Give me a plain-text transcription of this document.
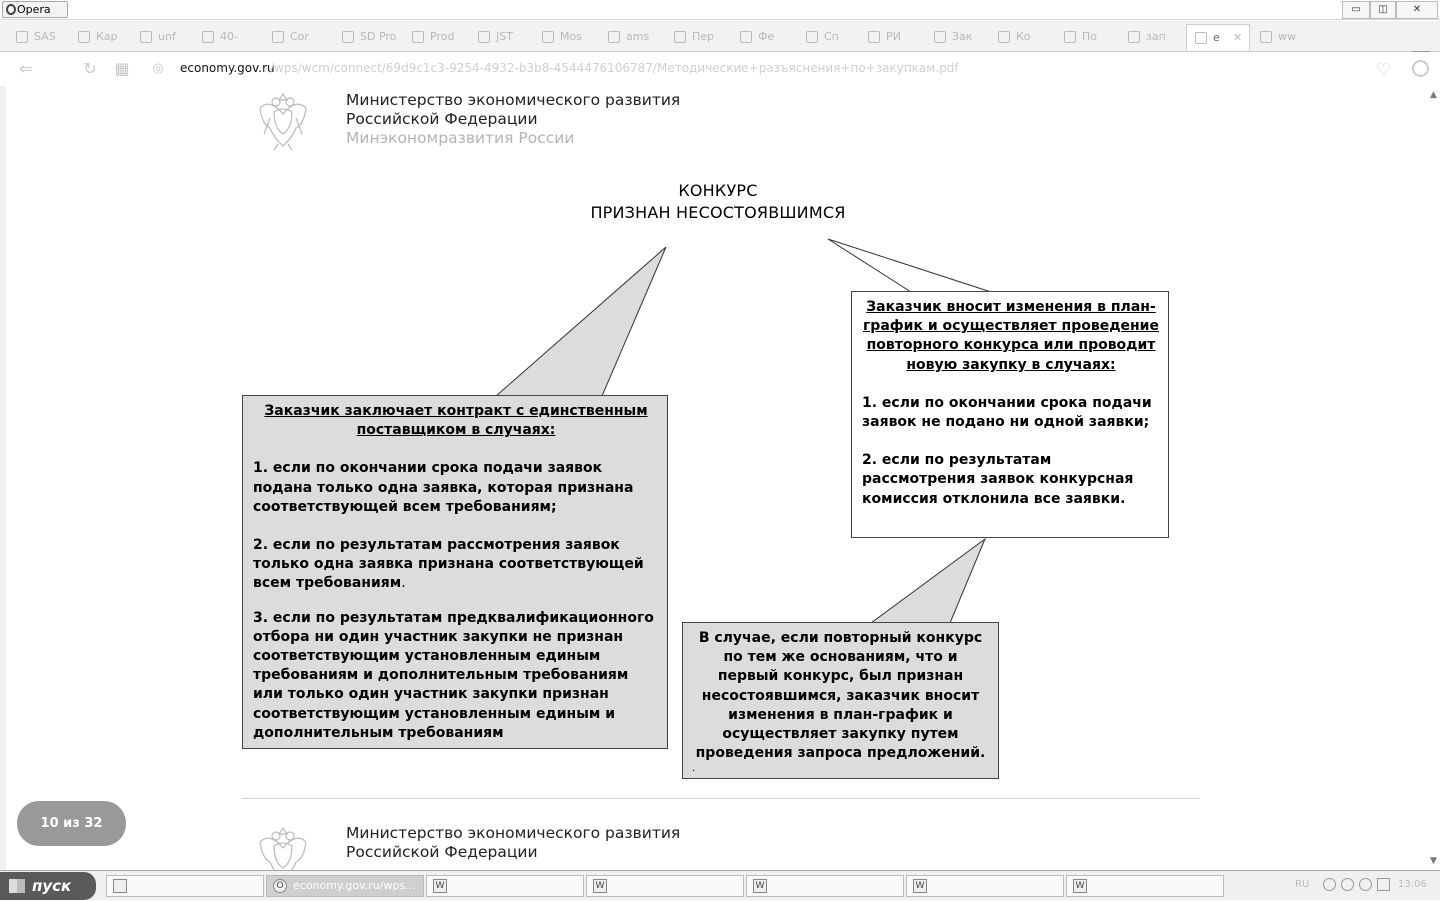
Opera	▭	◫	✕
SAS	Кар	unf	40-	Cor	SD Pro	Prod	JST	Mos	ams	Пер	Фе	Сп	РИ	Зак	Ко	По	зап	e ✕	ww
⇐	↻ ▦	◎	economy.gov.ru
/wps/wcm/connect/69d9c1c3-9254-4932-b3b8-4544476106787/Методические+разъяснения+по+закупкам.pdf	♡
Министерство экономического развития
Российской Федерации
Минэкономразвития России
КОНКУРС
ПРИЗНАН НЕСОСТОЯВШИМСЯ

Заказчик заключает контракт с единственным поставщиком в случаях:

1. если по окончании срока подачи заявок подана только одна заявка, которая признана соответствующей всем требованиям;

2. если по результатам рассмотрения заявок только одна заявка признана соответствующей всем требованиям.

3. если по результатам предквалификационного отбора ни один участник закупки не признан соответствующим установленным единым требованиям и дополнительным требованиям или только один участник закупки признан соответствующим установленным единым и дополнительным требованиям

Заказчик вносит изменения в план-график и осуществляет проведение повторного конкурса или проводит новую закупку в случаях:

1. если по окончании срока подачи заявок не подано ни одной заявки;

2. если по результатам рассмотрения заявок конкурсная комиссия отклонила все заявки.

В случае, если повторный конкурс по тем же основаниям, что и первый конкурс, был признан несостоявшимся, заказчик вносит изменения в план-график и осуществляет закупку путем проведения запроса предложений.

.
Министерство экономического развития
Российской Федерации
10 из 32
▲
▼
пуск	O economy.gov.ru/wps...	W	W	W	W	W	RU	13:06
